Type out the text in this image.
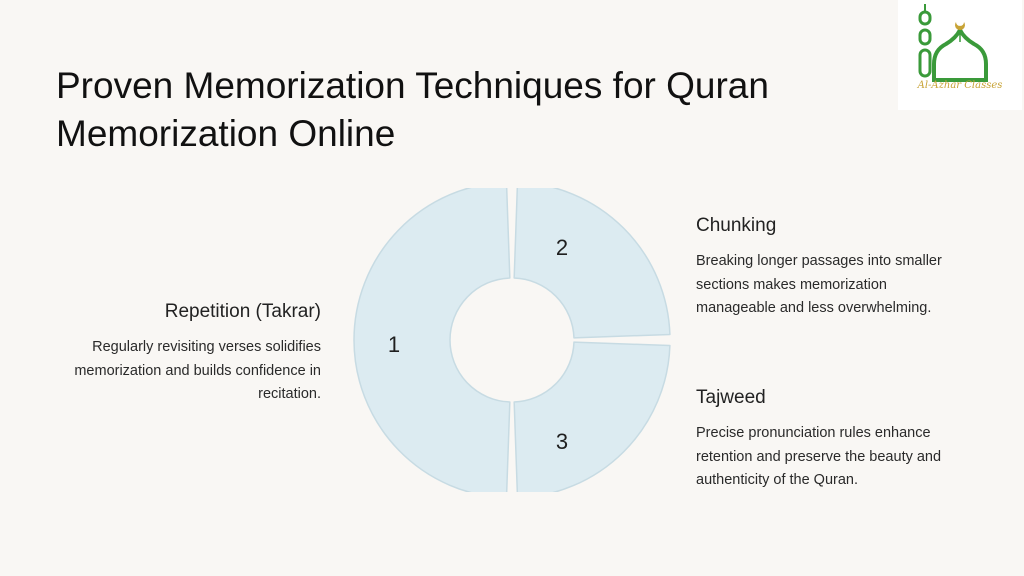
Proven Memorization Techniques for Quran Memorization Online
Al-Azhar Classes
1
2
3
Repetition (Takrar)

Regularly revisiting verses solidifies memorization and builds confidence in recitation.

Chunking

Breaking longer passages into smaller sections makes memorization manageable and less overwhelming.

Tajweed

Precise pronunciation rules enhance retention and preserve the beauty and authenticity of the Quran.
